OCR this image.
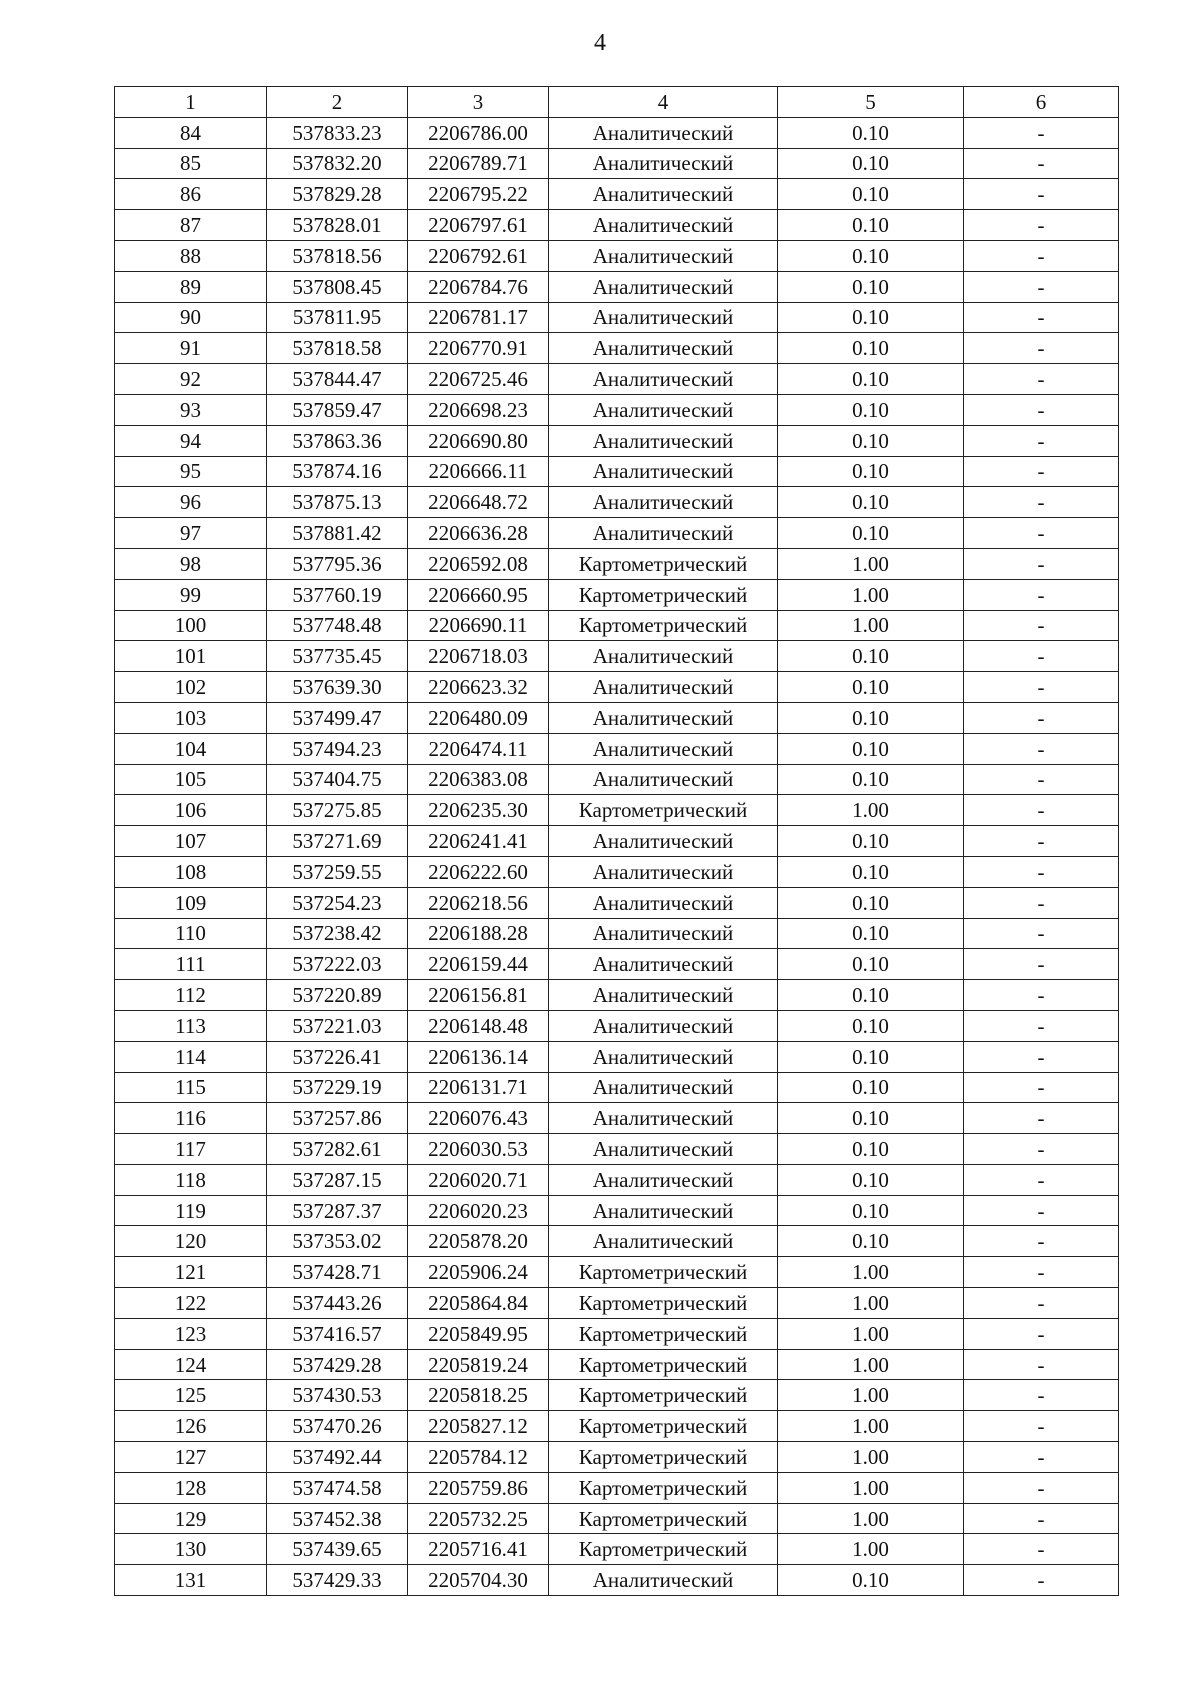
4
1	2	3	4	5	6
84	537833.23	2206786.00	Аналитический	0.10	-
85	537832.20	2206789.71	Аналитический	0.10	-
86	537829.28	2206795.22	Аналитический	0.10	-
87	537828.01	2206797.61	Аналитический	0.10	-
88	537818.56	2206792.61	Аналитический	0.10	-
89	537808.45	2206784.76	Аналитический	0.10	-
90	537811.95	2206781.17	Аналитический	0.10	-
91	537818.58	2206770.91	Аналитический	0.10	-
92	537844.47	2206725.46	Аналитический	0.10	-
93	537859.47	2206698.23	Аналитический	0.10	-
94	537863.36	2206690.80	Аналитический	0.10	-
95	537874.16	2206666.11	Аналитический	0.10	-
96	537875.13	2206648.72	Аналитический	0.10	-
97	537881.42	2206636.28	Аналитический	0.10	-
98	537795.36	2206592.08	Картометрический	1.00	-
99	537760.19	2206660.95	Картометрический	1.00	-
100	537748.48	2206690.11	Картометрический	1.00	-
101	537735.45	2206718.03	Аналитический	0.10	-
102	537639.30	2206623.32	Аналитический	0.10	-
103	537499.47	2206480.09	Аналитический	0.10	-
104	537494.23	2206474.11	Аналитический	0.10	-
105	537404.75	2206383.08	Аналитический	0.10	-
106	537275.85	2206235.30	Картометрический	1.00	-
107	537271.69	2206241.41	Аналитический	0.10	-
108	537259.55	2206222.60	Аналитический	0.10	-
109	537254.23	2206218.56	Аналитический	0.10	-
110	537238.42	2206188.28	Аналитический	0.10	-
111	537222.03	2206159.44	Аналитический	0.10	-
112	537220.89	2206156.81	Аналитический	0.10	-
113	537221.03	2206148.48	Аналитический	0.10	-
114	537226.41	2206136.14	Аналитический	0.10	-
115	537229.19	2206131.71	Аналитический	0.10	-
116	537257.86	2206076.43	Аналитический	0.10	-
117	537282.61	2206030.53	Аналитический	0.10	-
118	537287.15	2206020.71	Аналитический	0.10	-
119	537287.37	2206020.23	Аналитический	0.10	-
120	537353.02	2205878.20	Аналитический	0.10	-
121	537428.71	2205906.24	Картометрический	1.00	-
122	537443.26	2205864.84	Картометрический	1.00	-
123	537416.57	2205849.95	Картометрический	1.00	-
124	537429.28	2205819.24	Картометрический	1.00	-
125	537430.53	2205818.25	Картометрический	1.00	-
126	537470.26	2205827.12	Картометрический	1.00	-
127	537492.44	2205784.12	Картометрический	1.00	-
128	537474.58	2205759.86	Картометрический	1.00	-
129	537452.38	2205732.25	Картометрический	1.00	-
130	537439.65	2205716.41	Картометрический	1.00	-
131	537429.33	2205704.30	Аналитический	0.10	-
